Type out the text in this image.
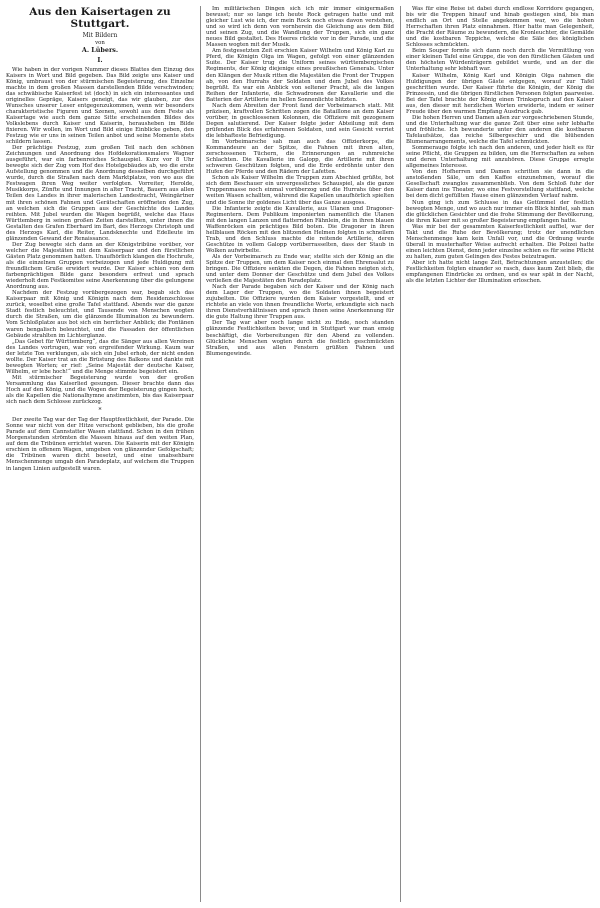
Aus den Kaisertagen zu Stuttgart.
Mit Bildern
von
A. Lübers.
I.

Wie haben in der vorigen Nummer dieses Blattes den Einzug des Kaisers in Wort und Bild gegeben. Das Bild zeigte uns Kaiser und König, umbraust von der stürmischen Begeisterung, des Einzelne machte in dem großen Massen darstellenden Bilde verschwinden; das schwäbische Kaiserfest ist (doch) in sich ein interessantes und originelles Gepräge, Kaisers geneigt, das wir glauben, zur des Wunsches unserer Leser entgegenzukommen, wenn wir besonders charakteristische Figuren und Szenen, sowohl aus dem Feste als Kaisertage wie auch dem ganze Sitte erscheinenden Bildes des Volkslebens durch Kaiser und Kaiserin, herausheben im Bilde fixieren. Wir wollen, im Wort und Bild einige Einblicke geben, den Festzug wie er uns in seinen Teilen anbot und seine Momente stets schildern lassen.

Der prächtige Festzug, zum großen Teil nach den schönen Zeichnungen und Anordnung des Hofdekorationsmalers Wagner ausgeführt, war ein farbenreiches Schauspiel. Kurz vor 8 Uhr bewegte sich der Zug vom Hof des Hotelgebäudes ab, wo die erste Aufstellung genommen und die Anordnung desselben durchgeführt wurde, durch die Straßen nach dem Marktplatze, von wo aus die Festwagen ihren Weg weiter verfolgten. Vorreiter, Herolde, Musikkorps, Zünfte und Innungen in alter Tracht, Bauern aus allen Teilen des Landes in ihrer malerischen Landestracht, Weingärtner mit ihren schönen Fahnen und Gerätschaften eröffneten den Zug, an welchen sich die Gruppen aus der Geschichte des Landes reihten. Mit Jubel wurden die Wagen begrüßt, welche das Haus Württemberg in seinen großen Zeiten darstellten, unter ihnen die Gestalten des Grafen Eberhard im Bart, des Herzogs Christoph und des Herzogs Karl, die Reiter, Landsknechte und Edelleute im glänzenden Gewand der Renaissance.

Der Zug bewegte sich dann an der Königstribüne vorüber, vor welcher die Majestäten mit dem Kaiserpaar und den fürstlichen Gästen Platz genommen hatten. Unaufhörlich klangen die Hochrufe, als die einzelnen Gruppen vorbeizogen und jede Huldigung mit freundlichem Gruße erwidert wurde. Der Kaiser schien von dem farbenprächtigen Bilde ganz besonders erfreut und sprach wiederholt dem Festkomitee seine Anerkennung über die gelungene Anordnung aus.

Nachdem der Festzug vorübergezogen war, begab sich das Kaiserpaar mit König und Königin nach dem Residenzschlosse zurück, woselbst eine große Tafel stattfand. Abends war die ganze Stadt festlich beleuchtet, und Tausende von Menschen wogten durch die Straßen, um die glänzende Illumination zu bewundern. Vom Schloßplatze aus bot sich ein herrlicher Anblick; die Fontänen waren bengalisch beleuchtet, und die Fassaden der öffentlichen Gebäude strahlten im Lichterglanze.

„Das Gebet für Württemberg“, das die Sänger aus allen Vereinen des Landes vortrugen, war von ergreifender Wirkung. Kaum war der letzte Ton verklungen, als sich ein Jubel erhob, der nicht enden wollte. Der Kaiser trat an die Brüstung des Balkons und dankte mit bewegten Worten; er rief: „Seine Majestät der deutsche Kaiser, Wilhelm, er lebe hoch!“ und die Menge stimmte begeistert ein.

Mit stürmischer Begeisterung wurde von der großen Versammlung das Kaiserlied gesungen. Dieser brachte dann das Hoch auf den König, und die Wogen der Begeisterung gingen hoch, als die Kapellen die Nationalhymne anstimmten, bis das Kaiserpaar sich nach dem Schlosse zurückzog.

*

Der zweite Tag war der Tag der Hauptfestlichkeit, der Parade. Die Sonne war nicht von der Hitze verschont geblieben, bis die große Parade auf dem Cannstatter Wasen stattfand. Schon in den frühen Morgenstunden strömten die Massen hinaus auf den weiten Plan, auf dem die Tribünen errichtet waren. Die Kaiserin mit der Königin erschien in offenem Wagen, umgeben von glänzender Gefolgschaft; die Tribünen waren dicht besetzt, und eine unabsehbare Menschenmenge umgab den Paradeplatz, auf welchem die Truppen in langen Linien aufgestellt waren.

Im militärischen Dingen sich ich mir immer einigermaßen bewusst; nur so lange ich heute Rock getragen hatte und mit gleicher Lust wie ich, der mein Rock noch etwas davon verstehen, und so wird ich denn von vornherein die Gleichung aus dem Bild und seinen Zug, und die Wandlung der Truppen, sich ein ganz neues Bild gestaltet. Des Heeres rückte vor in der Parade, und die Massen wogten mit der Musik.

Am festgesetzten Zeit erschien Kaiser Wilhelm und König Karl zu Pferd, die Königin Olga im Wagen, gefolgt von einer glänzenden Suite. Der Kaiser trug die Uniform seines württembergischen Regiments, der König diejenige eines preußischen Generals. Unter den Klängen der Musik ritten die Majestäten die Front der Truppen ab, von den Hurrahs der Soldaten und dem Jubel des Volkes begrüßt. Es war ein Anblick von seltener Pracht, als die langen Reihen der Infanterie, die Schwadronen der Kavallerie und die Batterien der Artillerie im hellen Sonnenlichte blitzten.

Nach dem Abreiten der Front fand der Vorbeimarsch statt. Mit präzisen, kraftvollen Schritten zogen die Bataillone an dem Kaiser vorüber, in geschlossenen Kolonnen, die Offiziere mit gezogenem Degen salutierend. Der Kaiser folgte jeder Abteilung mit dem prüfenden Blick des erfahrenen Soldaten, und sein Gesicht verriet die lebhafteste Befriedigung.

Im Vorbeimarsche sah man auch das Offizierkorps, die Kommandeure an der Spitze, die Fahnen mit ihren alten, zerschossenen Tüchern, die Erinnerungen an ruhmreiche Schlachten. Die Kavallerie im Galopp, die Artillerie mit ihren schweren Geschützen folgten, und die Erde erdröhnte unter den Hufen der Pferde und den Rädern der Lafetten.

Schon als Kaiser Wilhelm die Truppen zum Abschied grüßte, bot sich dem Beschauer ein unvergessliches Schauspiel, als die ganze Truppenmasse noch einmal vorüberzog und die Hurrahs über den weiten Wasen schallten, während die Kapellen unaufhörlich spielten und die Sonne ihr goldenes Licht über das Ganze ausgoss.

Die Infanterie zeigte die Kavallerie, aus Ulanen und Dragoner-Regimentern. Dem Publikum imponierten namentlich die Ulanen mit den langen Lanzen und flatternden Fähnlein, die in ihren blauen Waffenröcken ein prächtiges Bild boten. Die Dragoner in ihren hellblauen Röcken mit den blitzenden Helmen folgten in schnellem Trab, und den Schluss machte die reitende Artillerie, deren Geschütze in vollem Galopp vorüberrasselten, dass der Staub in Wolken aufwirbelte.

Als der Vorbeimarsch zu Ende war, stellte sich der König an die Spitze der Truppen, um dem Kaiser noch einmal den Ehrensalut zu bringen. Die Offiziere senkten die Degen, die Fahnen neigten sich, und unter dem Donner der Geschütze und dem Jubel des Volkes verließen die Majestäten den Paradeplatz.

Nach der Parade begaben sich der Kaiser und der König nach dem Lager der Truppen, wo die Soldaten ihnen begeistert zujubelten. Die Offiziere wurden dem Kaiser vorgestellt, und er richtete an viele von ihnen freundliche Worte, erkundigte sich nach ihren Dienstverhältnissen und sprach ihnen seine Anerkennung für die gute Haltung ihrer Truppen aus.

Der Tag war aber noch lange nicht zu Ende, noch standen glänzende Festlichkeiten bevor, und in Stuttgart war man emsig beschäftigt, die Vorbereitungen für den Abend zu vollenden. Glückliche Menschen wogten durch die festlich geschmückten Straßen, und aus allen Fenstern grüßten Fahnen und Blumengewinde.

Was für eine Reise ist dabei durch endlose Korridore gegangen, bis wir die Treppen hinauf und hinab gestiegen sind, bis man endlich an Ort und Stelle angekommen war, wo die hohen Herrschaften ihren Platz einnahmen. Hier hatte man Gelegenheit, die Pracht der Räume zu bewundern, die Kronleuchter, die Gemälde und die kostbaren Teppiche, welche die Säle des königlichen Schlosses schmückten.

Beim Souper formte sich dann noch durch die Vermittlung von einer kleinen Tafel eine Gruppe, die von den fürstlichen Gästen und den höchsten Würdenträgern gebildet wurde, und an der die Unterhaltung sehr lebhaft war.

Kaiser Wilhelm, König Karl und Königin Olga nahmen die Huldigungen der übrigen Gäste entgegen, worauf zur Tafel geschritten wurde. Der Kaiser führte die Königin, der König die Prinzessin, und die übrigen fürstlichen Personen folgten paarweise. Bei der Tafel brachte der König einen Trinkspruch auf den Kaiser aus, den dieser mit herzlichen Worten erwiderte, indem er seiner Freude über den warmen Empfang Ausdruck gab.

Die hohen Herren und Damen aßen zur vorgeschriebenen Stunde, und die Unterhaltung war die ganze Zeit über eine sehr lebhafte und fröhliche. Ich bewunderte unter den anderen die kostbaren Tafelaufsätze, das reiche Silbergeschirr und die blühenden Blumenarrangements, welche die Tafel schmückten.

Sommerauge folgte ich nach den anderen, und jeder hielt es für seine Pflicht, die Gruppen zu bilden, um die Herrschaften zu sehen und deren Unterhaltung mit anzuhören. Diese Gruppe erregte allgemeines Interesse.

Von den Hofherren und Damen schritten sie dann in die anstoßenden Säle, um den Kaffee einzunehmen, worauf die Gesellschaft zwanglos zusammenblieb. Von dem Schloß fuhr der Kaiser dann ins Theater, wo eine Festvorstellung stattfand, welche bei dem dicht gefüllten Hause einen glänzenden Verlauf nahm.

Nun ging ich zum Schlusse in das Getümmel der festlich bewegten Menge, und wo auch nur immer ein Blick hinfiel, sah man die glücklichen Gesichter und die frohe Stimmung der Bevölkerung, die ihren Kaiser mit so großer Begeisterung empfangen hatte.

Was mir bei der gesammten Kaiserfestlichkeit auffiel, war der Takt und die Ruhe der Bevölkerung; trotz der unendlichen Menschenmenge kam kein Unfall vor, und die Ordnung wurde überall in musterhafter Weise aufrecht erhalten. Die Polizei hatte einen leichten Dienst, denn jeder einzelne schien es für seine Pflicht zu halten, zum guten Gelingen des Festes beizutragen.

Aber ich hatte nicht lange Zeit, Betrachtungen anzustellen; die Festlichkeiten folgten einander so rasch, dass kaum Zeit blieb, die empfangenen Eindrücke zu ordnen, und es war spät in der Nacht, als die letzten Lichter der Illumination erloschen.
